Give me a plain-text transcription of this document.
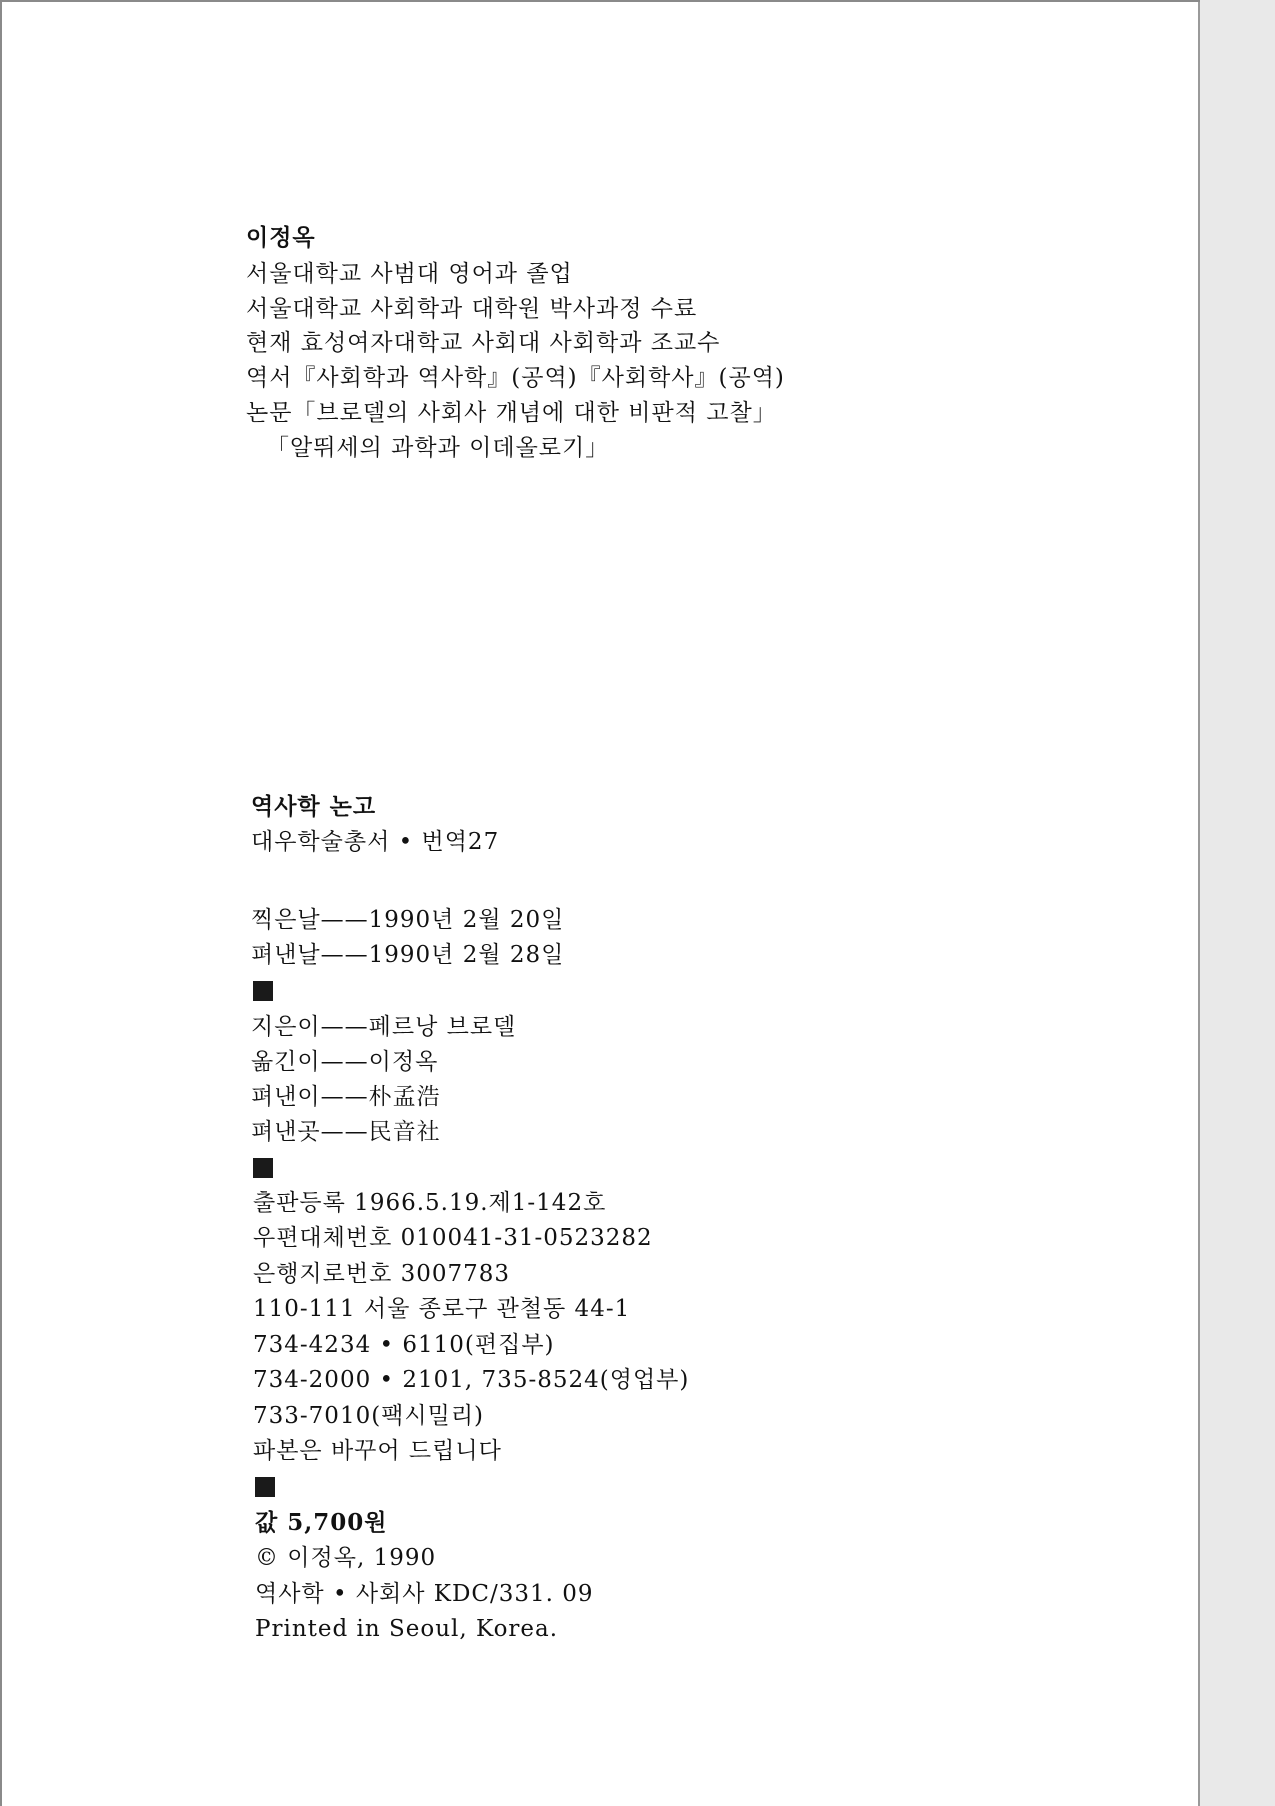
이정옥
서울대학교 사범대 영어과 졸업
서울대학교 사회학과 대학원 박사과정 수료
현재 효성여자대학교 사회대 사회학과 조교수
역서『사회학과 역사학』(공역)『사회학사』(공역)
논문「브로델의 사회사 개념에 대한 비판적 고찰」
「알뛰세의 과학과 이데올로기」
역사학 논고
대우학술총서 • 번역27
찍은날——1990년 2월 20일
펴낸날——1990년 2월 28일
지은이——페르낭 브로델
옮긴이——이정옥
펴낸이——朴孟浩
펴낸곳——民音社
출판등록 1966.5.19.제1-142호
우편대체번호 010041-31-0523282
은행지로번호 3007783
110-111 서울 종로구 관철동 44-1
734-4234 • 6110(편집부)
734-2000 • 2101, 735-8524(영업부)
733-7010(팩시밀리)
파본은 바꾸어 드립니다
값 5,700원
© 이정옥, 1990
역사학 • 사회사 KDC/331. 09
Printed in Seoul, Korea.
